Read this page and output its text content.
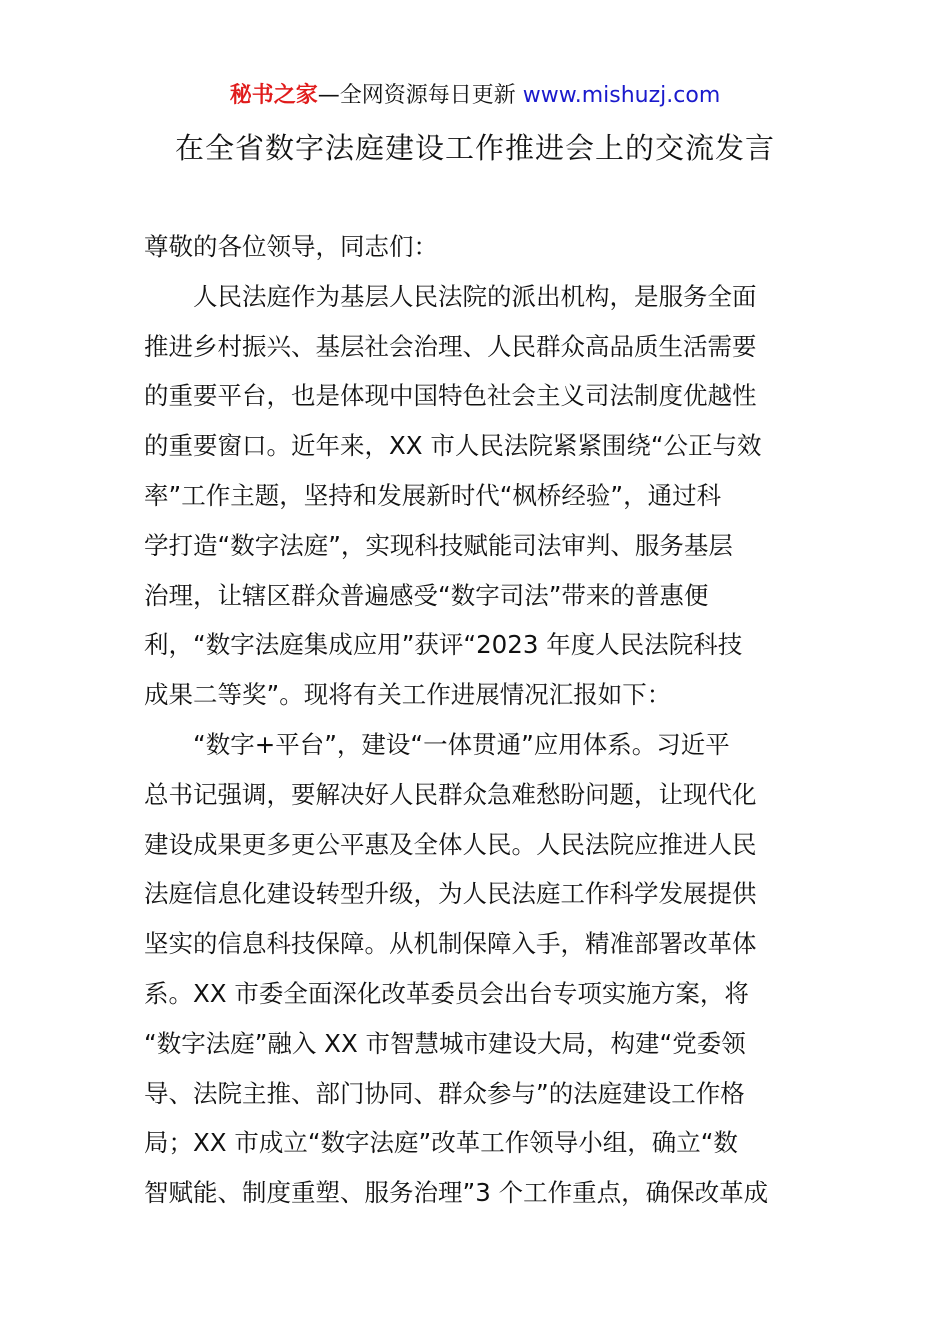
秘书之家—全网资源每日更新 www.mishuzj.com
在全省数字法庭建设工作推进会上的交流发言
尊敬的各位领导，同志们：
人民法庭作为基层人民法院的派出机构，是服务全面
推进乡村振兴、基层社会治理、人民群众高品质生活需要
的重要平台，也是体现中国特色社会主义司法制度优越性
的重要窗口。近年来，XX 市人民法院紧紧围绕“公正与效
率”工作主题，坚持和发展新时代“枫桥经验”，通过科
学打造“数字法庭”，实现科技赋能司法审判、服务基层
治理，让辖区群众普遍感受“数字司法”带来的普惠便
利，“数字法庭集成应用”获评“2023 年度人民法院科技
成果二等奖”。现将有关工作进展情况汇报如下：
“数字+平台”，建设“一体贯通”应用体系。习近平
总书记强调，要解决好人民群众急难愁盼问题，让现代化
建设成果更多更公平惠及全体人民。人民法院应推进人民
法庭信息化建设转型升级，为人民法庭工作科学发展提供
坚实的信息科技保障。从机制保障入手，精准部署改革体
系。XX 市委全面深化改革委员会出台专项实施方案，将
“数字法庭”融入 XX 市智慧城市建设大局，构建“党委领
导、法院主推、部门协同、群众参与”的法庭建设工作格
局；XX 市成立“数字法庭”改革工作领导小组，确立“数
智赋能、制度重塑、服务治理”3 个工作重点，确保改革成
